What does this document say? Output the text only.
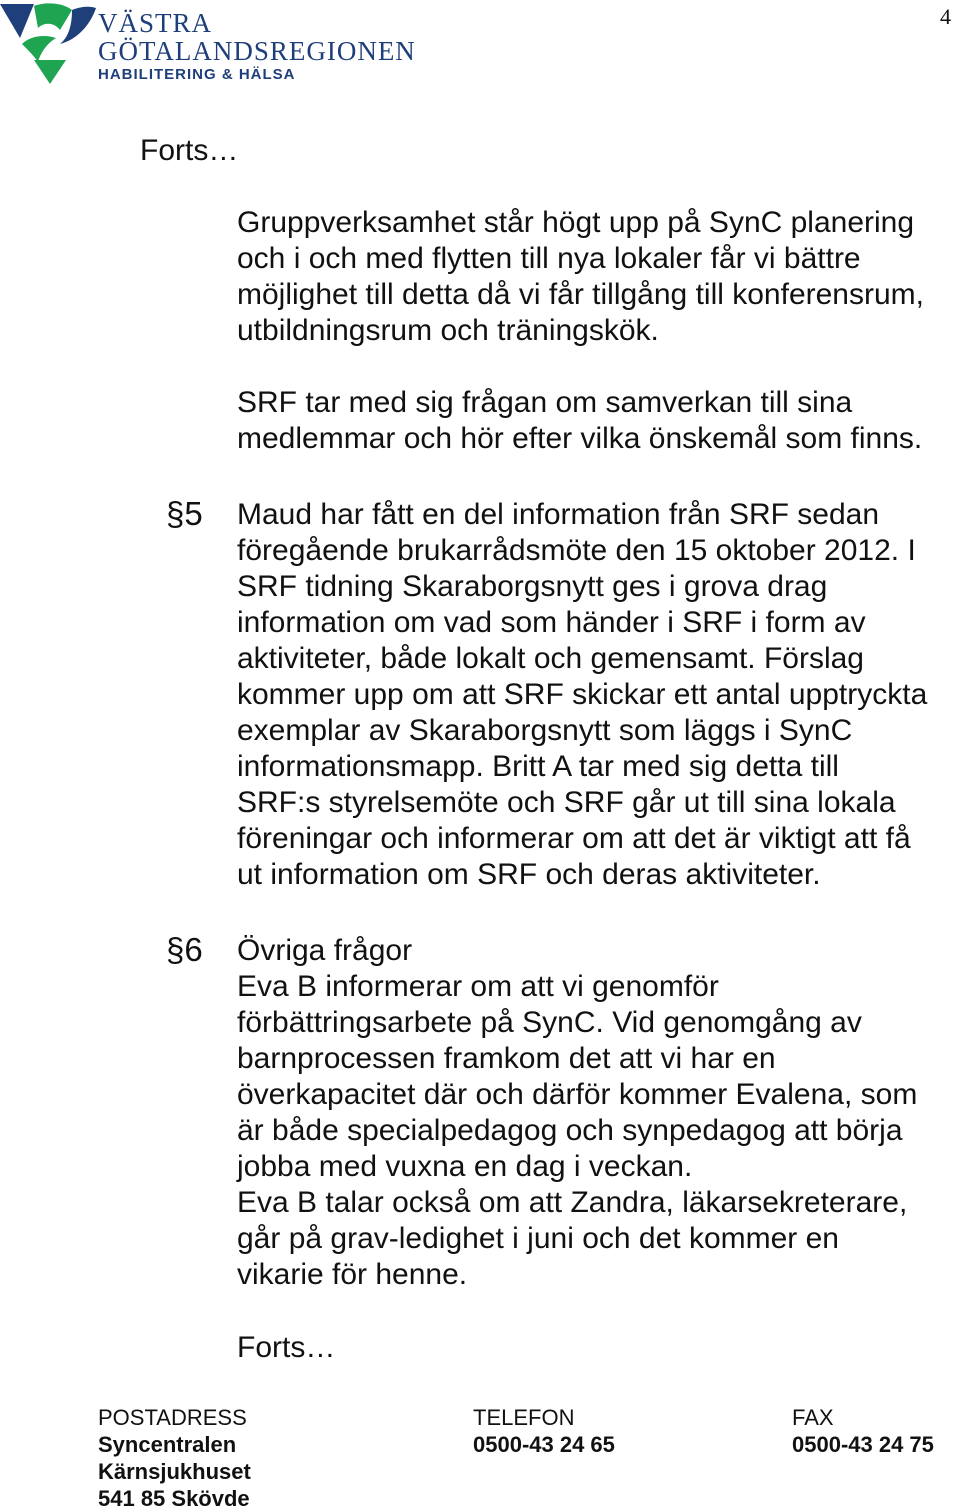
VÄSTRA
GÖTALANDSREGIONEN
HABILITERING & HÄLSA
4
Forts…
Gruppverksamhet står högt upp på SynC planering
och i och med flytten till nya lokaler får vi bättre
möjlighet till detta då vi får tillgång till konferensrum,
utbildningsrum och träningskök.
SRF tar med sig frågan om samverkan till sina
medlemmar och hör efter vilka önskemål som finns.
§5 Maud har fått en del information från SRF sedan
föregående brukarrådsmöte den 15 oktober 2012. I
SRF tidning Skaraborgsnytt ges i grova drag
information om vad som händer i SRF i form av
aktiviteter, både lokalt och gemensamt. Förslag
kommer upp om att SRF skickar ett antal upptryckta
exemplar av Skaraborgsnytt som läggs i SynC
informationsmapp. Britt A tar med sig detta till
SRF:s styrelsemöte och SRF går ut till sina lokala
föreningar och informerar om att det är viktigt att få
ut information om SRF och deras aktiviteter.
§6 Övriga frågor
Eva B informerar om att vi genomför
förbättringsarbete på SynC. Vid genomgång av
barnprocessen framkom det att vi har en
överkapacitet där och därför kommer Evalena, som
är både specialpedagog och synpedagog att börja
jobba med vuxna en dag i veckan.
Eva B talar också om att Zandra, läkarsekreterare,
går på grav-ledighet i juni och det kommer en
vikarie för henne.
Forts…
POSTADRESS
Syncentralen
Kärnsjukhuset
541 85 Skövde
TELEFON
0500-43 24 65
FAX
0500-43 24 75
